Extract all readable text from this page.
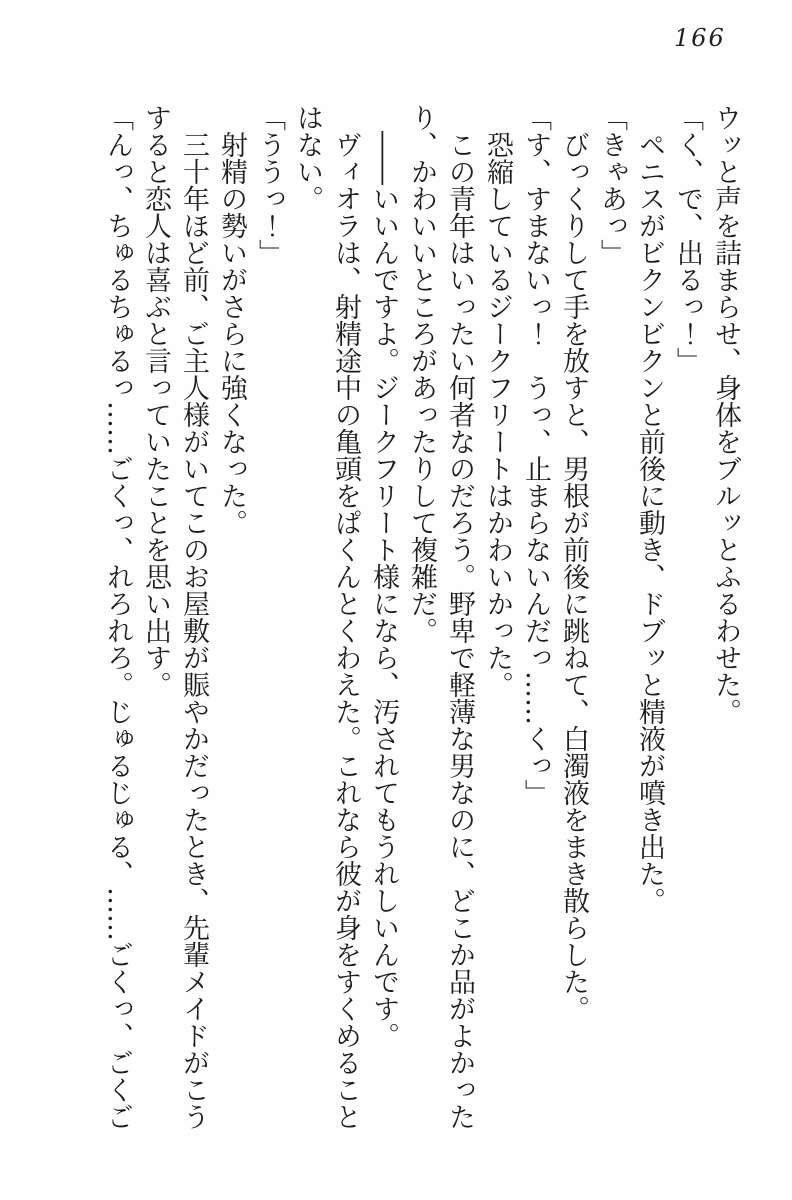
166

ウッと声を詰まらせ、身体をブルッとふるわせた。

「く、で、出るっ！」

ペニスがビクンビクンと前後に動き、ドブッと精液が噴き出た。

「きゃあっ」

びっくりして手を放すと、男根が前後に跳ねて、白濁液をまき散らした。

「す、すまないっ！　うっ、止まらないんだっ……くっ」

恐縮しているジークフリートはかわいかった。

この青年はいったい何者なのだろう。野卑で軽薄な男なのに、どこか品がよかったり、かわいいところがあったりして複雑だ。

――いいんですよ。ジークフリート様になら、汚されてもうれしいんです。

ヴィオラは、射精途中の亀頭をぱくんとくわえた。これなら彼が身をすくめることはない。

「ううっ！」

射精の勢いがさらに強くなった。

三十年ほど前、ご主人様がいてこのお屋敷が賑やかだったとき、先輩メイドがこうすると恋人は喜ぶと言っていたことを思い出す。

「んっ、ちゅるちゅるっ……ごくっ、れろれろ。じゅるじゅる、……ごくっ、ごくご
